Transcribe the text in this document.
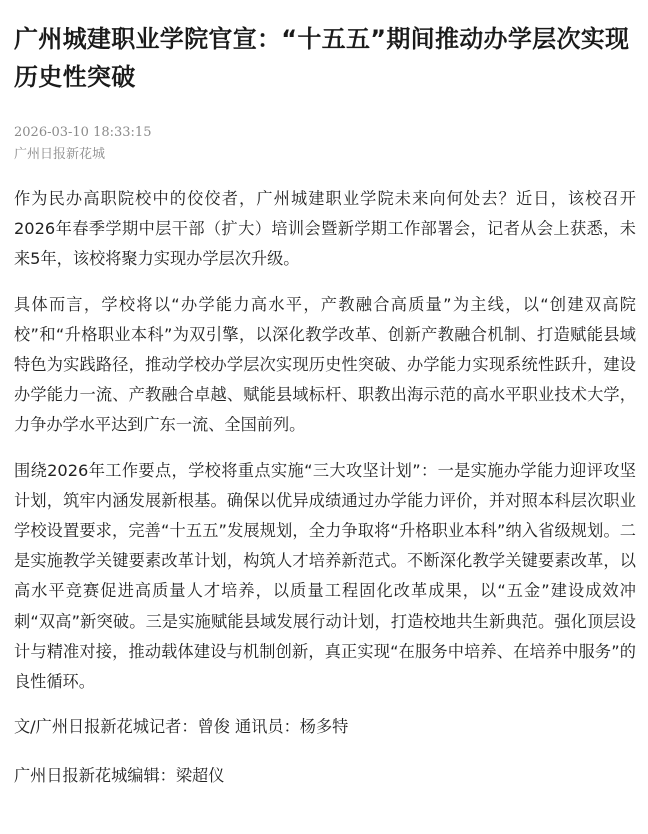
广州城建职业学院官宣：“十五五”期间推动办学层次实现历史性突破
2026-03-10 18:33:15
广州日报新花城

作为民办高职院校中的佼佼者，广州城建职业学院未来向何处去？近日，该校召开2026年春季学期中层干部（扩大）培训会暨新学期工作部署会，记者从会上获悉，未来5年，该校将聚力实现办学层次升级。

具体而言，学校将以“办学能力高水平，产教融合高质量”为主线，以“创建双高院校”和“升格职业本科”为双引擎，以深化教学改革、创新产教融合机制、打造赋能县域特色为实践路径，推动学校办学层次实现历史性突破、办学能力实现系统性跃升，建设办学能力一流、产教融合卓越、赋能县域标杆、职教出海示范的高水平职业技术大学，力争办学水平达到广东一流、全国前列。

围绕2026年工作要点，学校将重点实施“三大攻坚计划”：一是实施办学能力迎评攻坚计划，筑牢内涵发展新根基。确保以优异成绩通过办学能力评价，并对照本科层次职业学校设置要求，完善“十五五”发展规划，全力争取将“升格职业本科”纳入省级规划。二是实施教学关键要素改革计划，构筑人才培养新范式。不断深化教学关键要素改革，以高水平竞赛促进高质量人才培养，以质量工程固化改革成果，以“五金”建设成效冲刺“双高”新突破。三是实施赋能县域发展行动计划，打造校地共生新典范。强化顶层设计与精准对接，推动载体建设与机制创新，真正实现“在服务中培养、在培养中服务”的良性循环。

文/广州日报新花城记者：曾俊 通讯员：杨多特

广州日报新花城编辑：梁超仪
